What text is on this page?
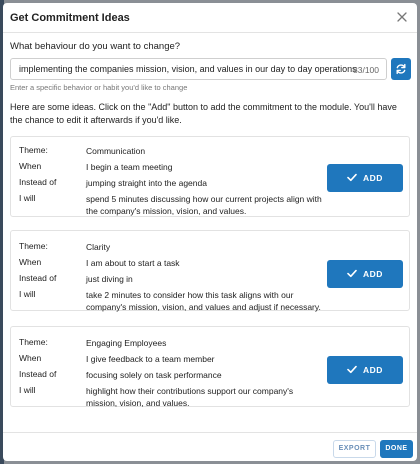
Get Commitment Ideas
What behaviour do you want to change?
implementing the companies mission, vision, and values in our day to day operations
83/100
Enter a specific behavior or habit you'd like to change
Here are some ideas. Click on the "Add" button to add the commitment to the module. You'll have the chance to edit it afterwards if you'd like.
Theme:	Communication
When	I begin a team meeting
Instead of	jumping straight into the agenda
I will	spend 5 minutes discussing how our current projects align with the company's mission, vision, and values.
ADD
Theme:	Clarity
When	I am about to start a task
Instead of	just diving in
I will	take 2 minutes to consider how this task aligns with our company's mission, vision, and values and adjust if necessary.
ADD
Theme:	Engaging Employees
When	I give feedback to a team member
Instead of	focusing solely on task performance
I will	highlight how their contributions support our company's mission, vision, and values.
ADD
EXPORT	DONE
